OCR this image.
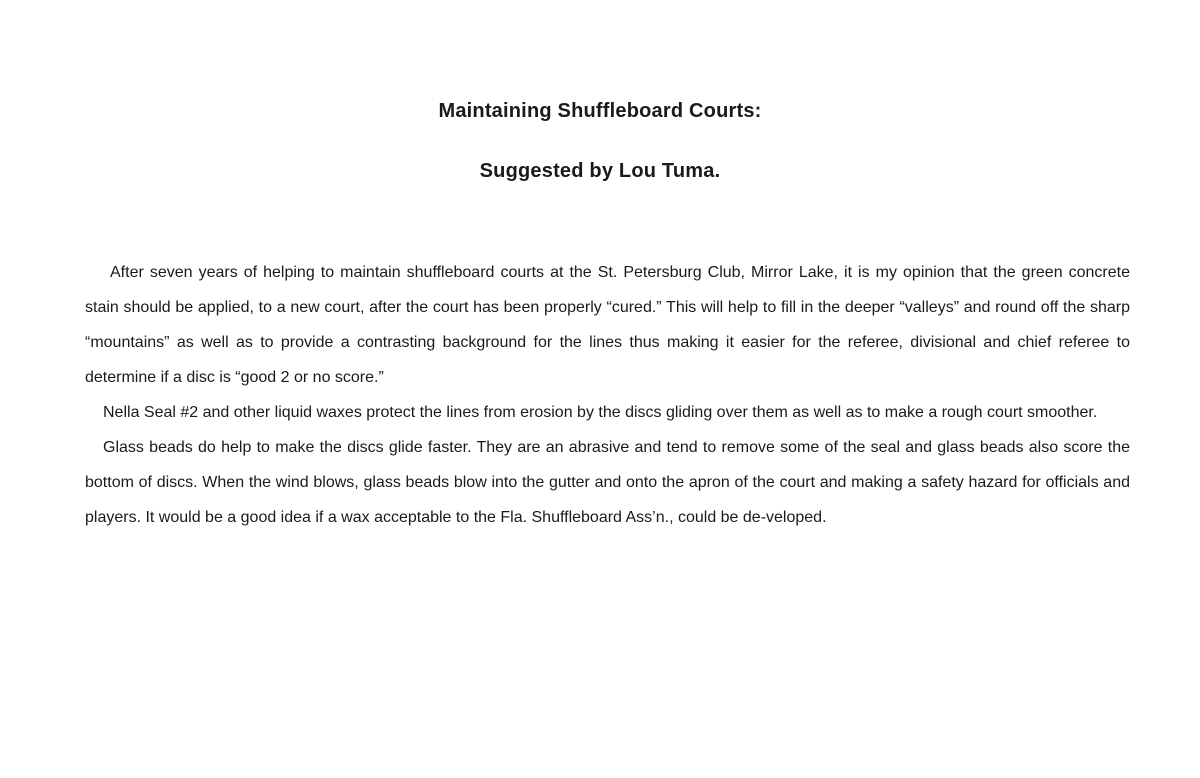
Maintaining Shuffleboard Courts:
Suggested by Lou Tuma.

After seven years of helping to maintain shuffleboard courts at the St. Petersburg Club, Mirror Lake, it is my opinion that the green concrete stain should be applied, to a new court, after the court has been properly “cured.” This will help to fill in the deeper “valleys” and round off the sharp “mountains” as well as to provide a contrasting background for the lines thus making it easier for the referee, divisional and chief referee to determine if a disc is “good 2 or no score.”

Nella Seal #2 and other liquid waxes protect the lines from erosion by the discs gliding over them as well as to make a rough court smoother.

Glass beads do help to make the discs glide faster. They are an abrasive and tend to remove some of the seal and glass beads also score the bottom of discs. When the wind blows, glass beads blow into the gutter and onto the apron of the court and making a safety hazard for officials and players. It would be a good idea if a wax acceptable to the Fla. Shuffleboard Ass’n., could be de-veloped.
